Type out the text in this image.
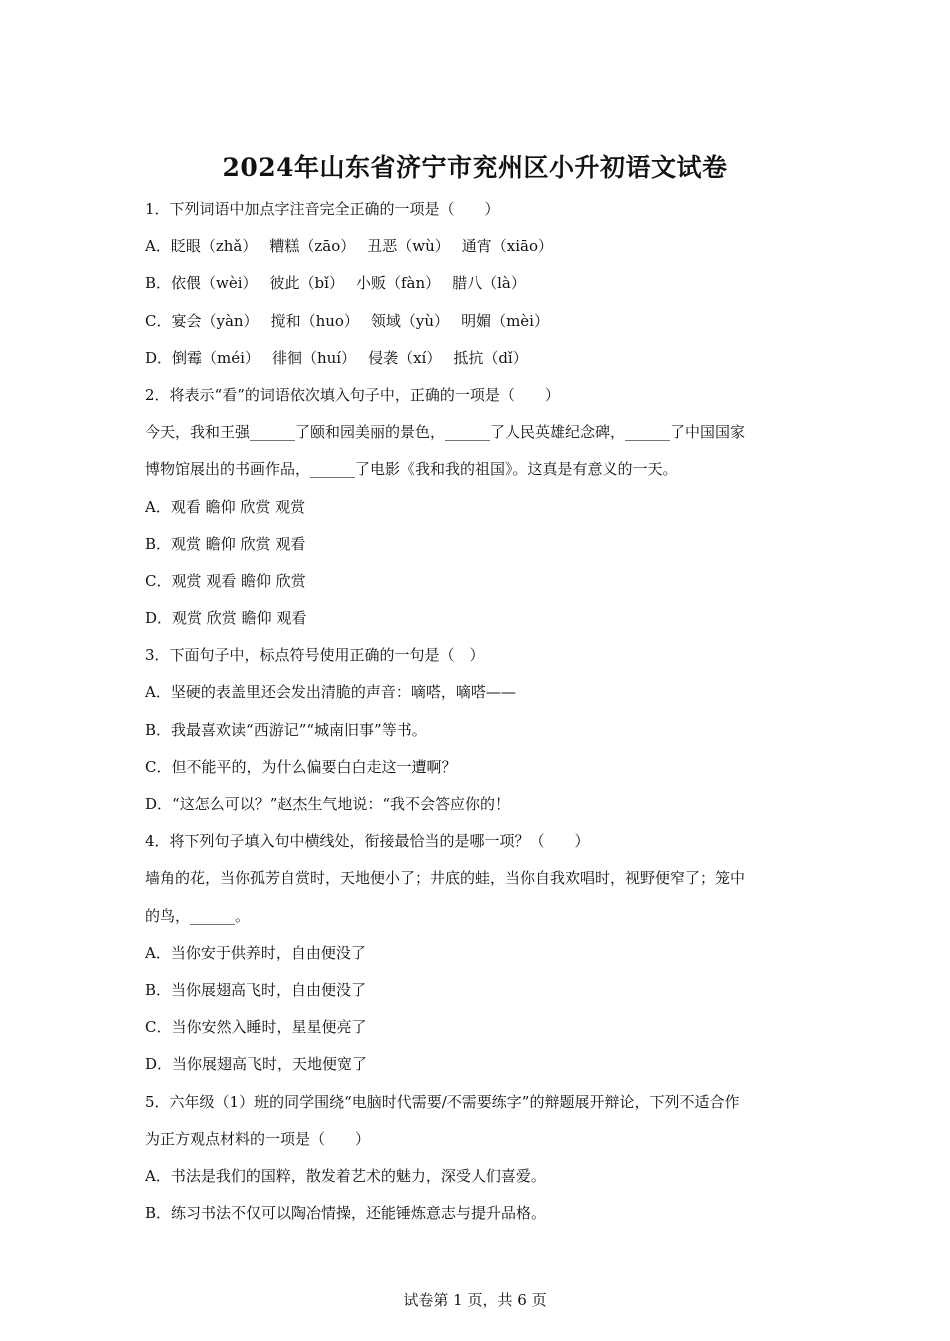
2024年山东省济宁市兖州区小升初语文试卷
1．下列词语中加点字注音完全正确的一项是（　　）
A．眨眼（zhǎ） 糟糕（zāo） 丑恶（wù） 通宵（xiāo）
B．依偎（wèi） 彼此（bǐ） 小贩（fàn） 腊八（là）
C．宴会（yàn） 搅和（huo） 领域（yù） 明媚（mèi）
D．倒霉（méi） 徘徊（huí） 侵袭（xí） 抵抗（dǐ）
2．将表示“看”的词语依次填入句子中，正确的一项是（　　）
今天，我和王强______了颐和园美丽的景色，______了人民英雄纪念碑，______了中国国家
博物馆展出的书画作品，______了电影《我和我的祖国》。这真是有意义的一天。
A．观看 瞻仰 欣赏 观赏
B．观赏 瞻仰 欣赏 观看
C．观赏 观看 瞻仰 欣赏
D．观赏 欣赏 瞻仰 观看
3．下面句子中，标点符号使用正确的一句是（　）
A．坚硬的表盖里还会发出清脆的声音：嘀嗒，嘀嗒——
B．我最喜欢读“西游记”“城南旧事”等书。
C．但不能平的，为什么偏要白白走这一遭啊？
D．“这怎么可以？”赵杰生气地说：“我不会答应你的！
4．将下列句子填入句中横线处，衔接最恰当的是哪一项？（　　）
墙角的花，当你孤芳自赏时，天地便小了；井底的蛙，当你自我欢唱时，视野便窄了；笼中
的鸟，______。
A．当你安于供养时，自由便没了
B．当你展翅高飞时，自由便没了
C．当你安然入睡时，星星便亮了
D．当你展翅高飞时，天地便宽了
5．六年级（1）班的同学围绕“电脑时代需要/不需要练字”的辩题展开辩论，下列不适合作
为正方观点材料的一项是（　　）
A．书法是我们的国粹，散发着艺术的魅力，深受人们喜爱。
B．练习书法不仅可以陶冶情操，还能锤炼意志与提升品格。
试卷第 1 页，共 6 页
